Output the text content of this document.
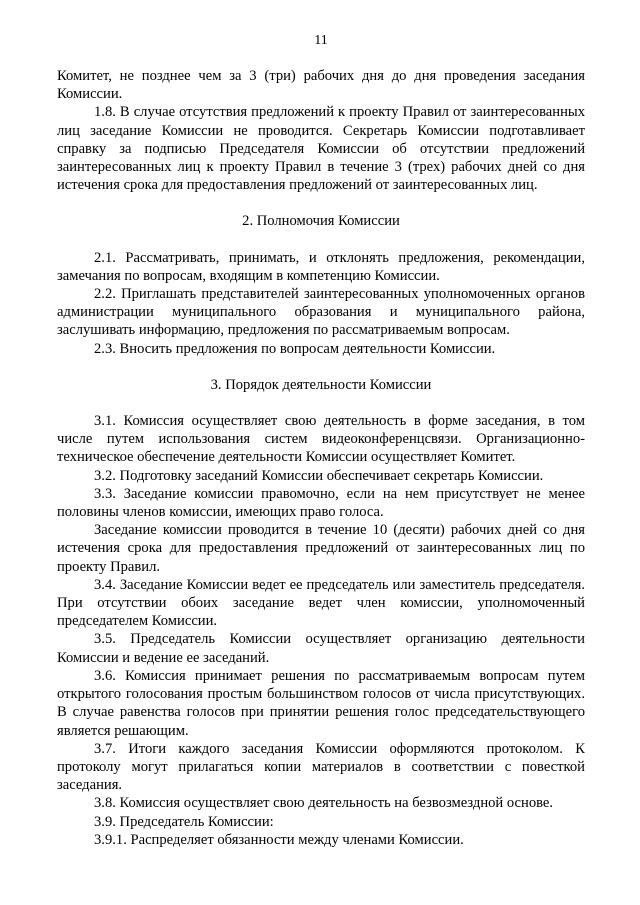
11

Комитет, не позднее чем за 3 (три) рабочих дня до дня проведения заседания Комиссии.

1.8. В случае отсутствия предложений к проекту Правил от заинтересованных лиц заседание Комиссии не проводится. Секретарь Комиссии подготавливает справку за подписью Председателя Комиссии об отсутствии предложений заинтересованных лиц к проекту Правил в течение 3 (трех) рабочих дней со дня истечения срока для предоставления предложений от заинтересованных лиц.

2. Полномочия Комиссии

2.1. Рассматривать, принимать, и отклонять предложения, рекомендации, замечания по вопросам, входящим в компетенцию Комиссии.

2.2. Приглашать представителей заинтересованных уполномоченных органов администрации муниципального образования и муниципального района, заслушивать информацию, предложения по рассматриваемым вопросам.

2.3. Вносить предложения по вопросам деятельности Комиссии.

3. Порядок деятельности Комиссии

3.1. Комиссия осуществляет свою деятельность в форме заседания, в том числе путем использования систем видеоконференцсвязи. Организационно-техническое обеспечение деятельности Комиссии осуществляет Комитет.

3.2. Подготовку заседаний Комиссии обеспечивает секретарь Комиссии.

3.3. Заседание комиссии правомочно, если на нем присутствует не менее половины членов комиссии, имеющих право голоса.

Заседание комиссии проводится в течение 10 (десяти) рабочих дней со дня истечения срока для предоставления предложений от заинтересованных лиц по проекту Правил.

3.4. Заседание Комиссии ведет ее председатель или заместитель председателя. При отсутствии обоих заседание ведет член комиссии, уполномоченный председателем Комиссии.

3.5. Председатель Комиссии осуществляет организацию деятельности Комиссии и ведение ее заседаний.

3.6. Комиссия принимает решения по рассматриваемым вопросам путем открытого голосования простым большинством голосов от числа присутствующих. В случае равенства голосов при принятии решения голос председательствующего является решающим.

3.7. Итоги каждого заседания Комиссии оформляются протоколом. К протоколу могут прилагаться копии материалов в соответствии с повесткой заседания.

3.8. Комиссия осуществляет свою деятельность на безвозмездной основе.

3.9. Председатель Комиссии:

3.9.1. Распределяет обязанности между членами Комиссии.
